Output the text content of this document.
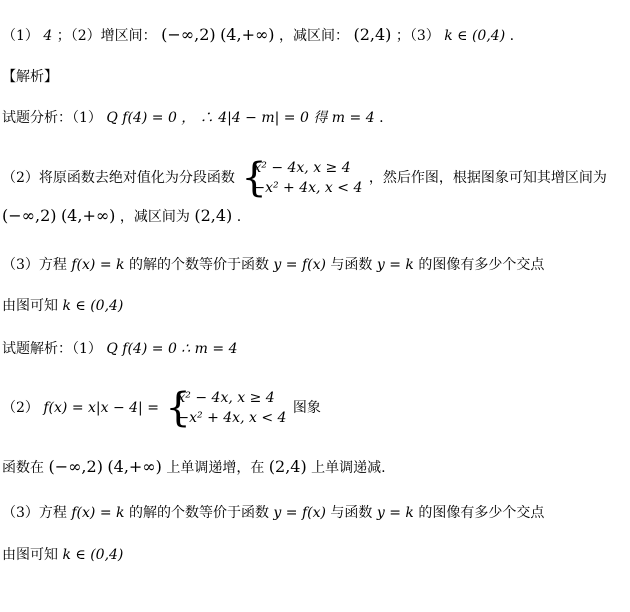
（1） 4 ；（2）增区间： (−∞,2) (4,+∞) ，减区间： (2,4) ；（3） k ∈ (0,4) .
【解析】
试题分析：（1） Q f(4) = 0 ， ∴ 4|4 − m| = 0 得 m = 4 .
（2）将原函数去绝对值化为分段函数 {
x² − 4x, x ≥ 4
−x² + 4x, x < 4
，然后作图，根据图象可知其增区间为
(−∞,2) (4,+∞) ，减区间为 (2,4) .
（3）方程 f(x) = k 的解的个数等价于函数 y = f(x) 与函数 y = k 的图像有多少个交点
由图可知 k ∈ (0,4)
试题解析：（1） Q f(4) = 0 ∴ m = 4
（2） f(x) = x|x − 4| = {
x² − 4x, x ≥ 4
−x² + 4x, x < 4
图象
函数在 (−∞,2) (4,+∞) 上单调递增，在 (2,4) 上单调递减.
（3）方程 f(x) = k 的解的个数等价于函数 y = f(x) 与函数 y = k 的图像有多少个交点
由图可知 k ∈ (0,4)
